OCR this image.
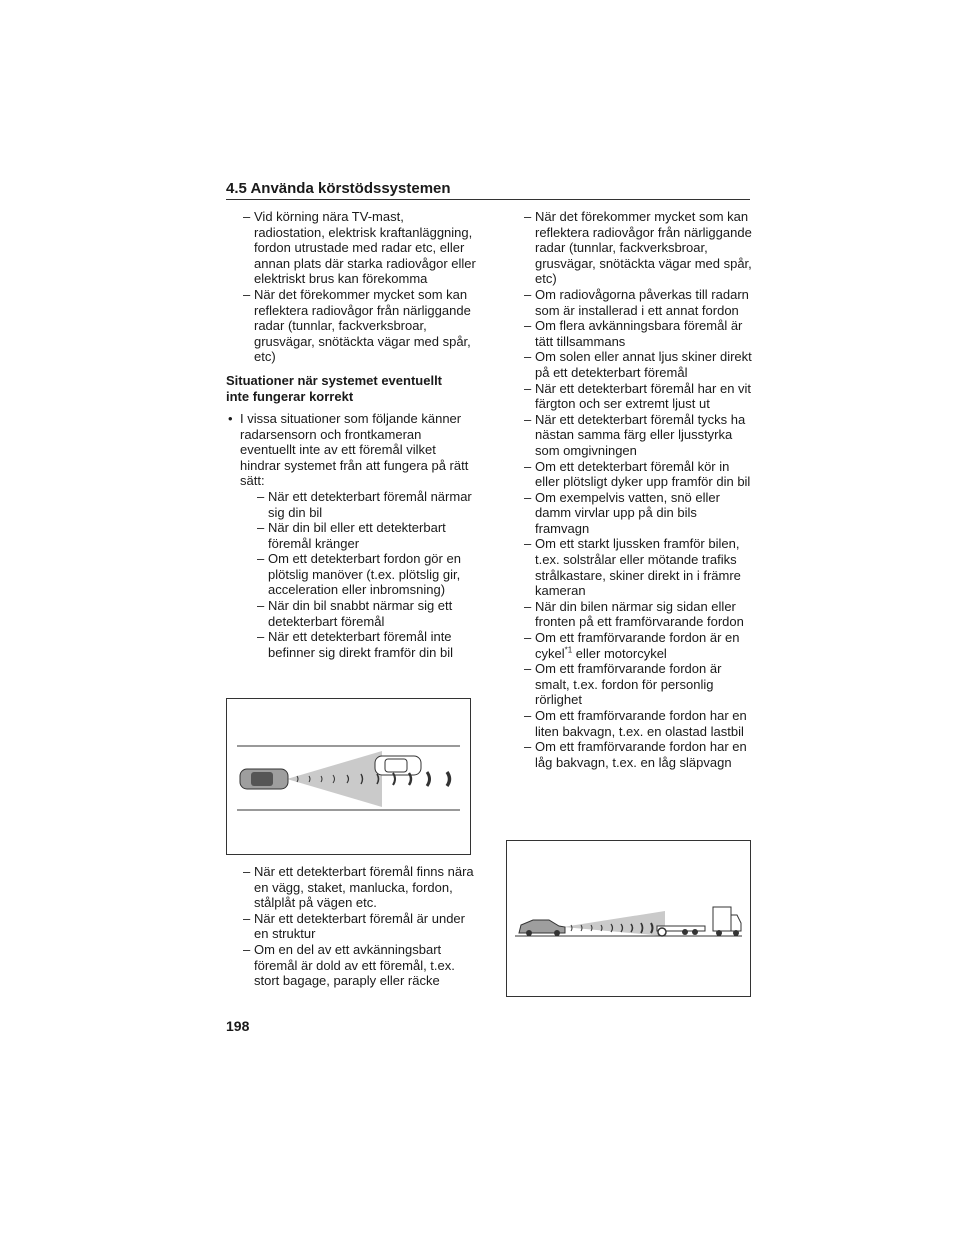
4.5 Använda körstödssystemen
– Vid körning nära TV-mast, radiostation, elektrisk kraftanläggning, fordon utrustade med radar etc, eller annan plats där starka radiovågor eller elektriskt brus kan förekomma
– När det förekommer mycket som kan reflektera radiovågor från närliggande radar (tunnlar, fackverksbroar, grusvägar, snötäckta vägar med spår, etc)
Situationer när systemet eventuellt inte fungerar korrekt
• I vissa situationer som följande känner radarsensorn och frontkameran eventuellt inte av ett föremål vilket hindrar systemet från att fungera på rätt sätt:
– När ett detekterbart föremål närmar sig din bil
– När din bil eller ett detekterbart föremål kränger
– Om ett detekterbart fordon gör en plötslig manöver (t.ex. plötslig gir, acceleration eller inbromsning)
– När din bil snabbt närmar sig ett detekterbart föremål
– När ett detekterbart föremål inte befinner sig direkt framför din bil
– När ett detekterbart föremål finns nära en vägg, staket, manlucka, fordon, stålplåt på vägen etc.
– När ett detekterbart föremål är under en struktur
– Om en del av ett avkänningsbart föremål är dold av ett föremål, t.ex. stort bagage, paraply eller räcke
– När det förekommer mycket som kan reflektera radiovågor från närliggande radar (tunnlar, fackverksbroar, grusvägar, snötäckta vägar med spår, etc)
– Om radiovågorna påverkas till radarn som är installerad i ett annat fordon
– Om flera avkänningsbara föremål är tätt tillsammans
– Om solen eller annat ljus skiner direkt på ett detekterbart föremål
– När ett detekterbart föremål har en vit färgton och ser extremt ljust ut
– När ett detekterbart föremål tycks ha nästan samma färg eller ljusstyrka som omgivningen
– Om ett detekterbart föremål kör in eller plötsligt dyker upp framför din bil
– Om exempelvis vatten, snö eller damm virvlar upp på din bils framvagn
– Om ett starkt ljussken framför bilen, t.ex. solstrålar eller mötande trafiks strålkastare, skiner direkt in i främre kameran
– När din bilen närmar sig sidan eller fronten på ett framförvarande fordon
– Om ett framförvarande fordon är en cykel$^{*1}$ eller motorcykel
– Om ett framförvarande fordon är smalt, t.ex. fordon för personlig rörlighet
– Om ett framförvarande fordon har en liten bakvagn, t.ex. en olastad lastbil
– Om ett framförvarande fordon har en låg bakvagn, t.ex. en låg släpvagn
198
